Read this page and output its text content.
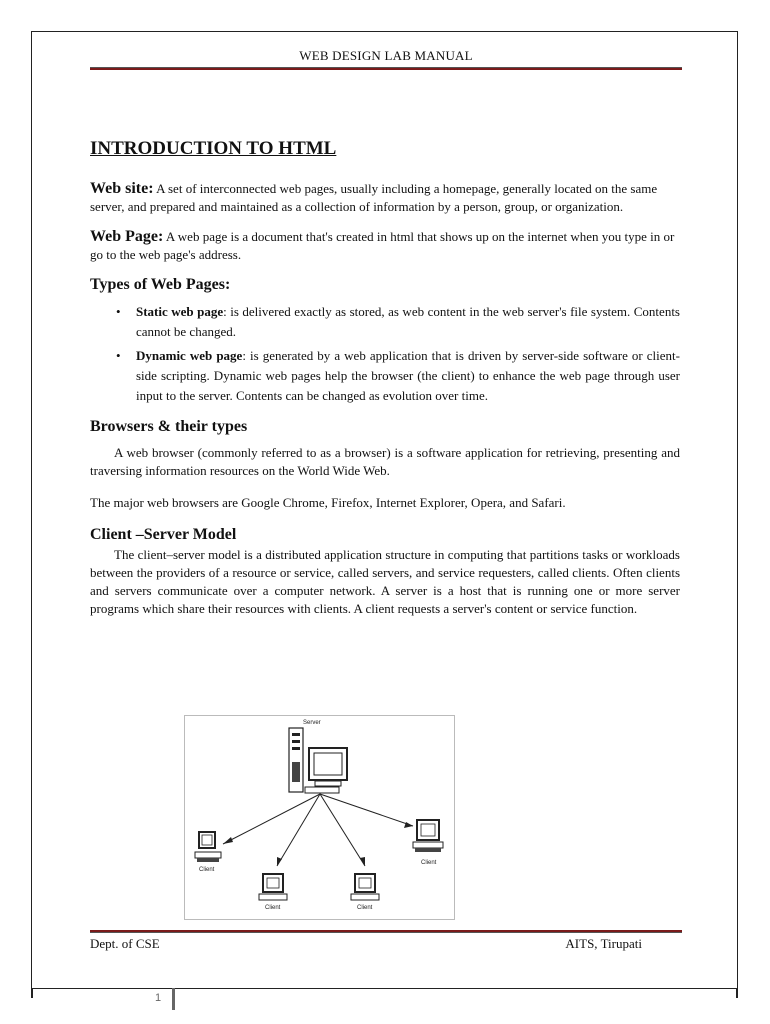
WEB DESIGN LAB MANUAL
INTRODUCTION TO HTML

Web site: A set of interconnected web pages, usually including a homepage, generally located on the same server, and prepared and maintained as a collection of information by a person, group, or organization.

Web Page: A web page is a document that's created in html that shows up on the internet when you type in or go to the web page's address.

Types of Web Pages:
• Static web page: is delivered exactly as stored, as web content in the web server's file system. Contents cannot be changed.
• Dynamic web page: is generated by a web application that is driven by server-side software or client-side scripting. Dynamic web pages help the browser (the client) to enhance the web page through user input to the server. Contents can be changed as evolution over time.
Browsers & their types

A web browser (commonly referred to as a browser) is a software application for retrieving, presenting and traversing information resources on the World Wide Web.

The major web browsers are Google Chrome, Firefox, Internet Explorer, Opera, and Safari.

Client –Server Model

The client–server model is a distributed application structure in computing that partitions tasks or workloads between the providers of a resource or service, called servers, and service requesters, called clients. Often clients and servers communicate over a computer network. A server is a host that is running one or more server programs which share their resources with clients. A client requests a server's content or service function.

Server
Client
Client	Client
Client
Dept. of CSE	AITS, Tirupati
1
